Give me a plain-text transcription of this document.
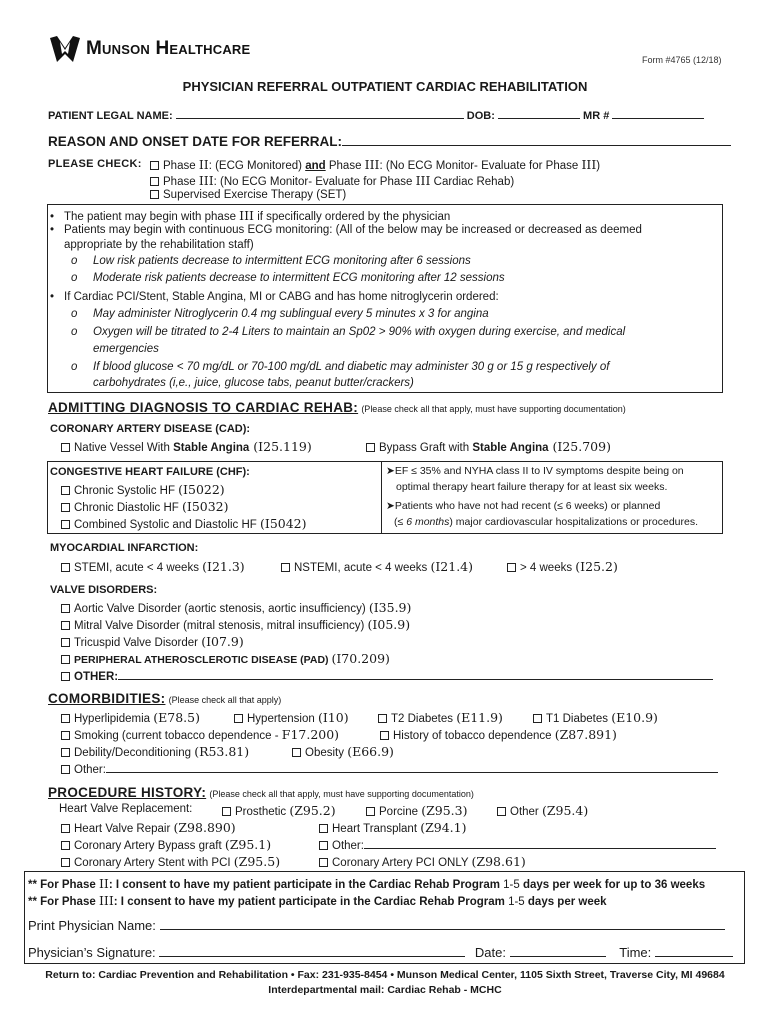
Munson Healthcare
Form #4765 (12/18)
PHYSICIAN REFERRAL OUTPATIENT CARDIAC REHABILITATION
PATIENT LEGAL NAME:	DOB:	MR #
REASON AND ONSET DATE FOR REFERRAL:
PLEASE CHECK:	Phase II: (ECG Monitored) and Phase III: (No ECG Monitor- Evaluate for Phase III)
Phase III: (No ECG Monitor- Evaluate for Phase III Cardiac Rehab)
Supervised Exercise Therapy (SET)
• The patient may begin with phase III if specifically ordered by the physician
• Patients may begin with continuous ECG monitoring: (All of the below may be increased or decreased as deemed
appropriate by the rehabilitation staff)
o Low risk patients decrease to intermittent ECG monitoring after 6 sessions
o Moderate risk patients decrease to intermittent ECG monitoring after 12 sessions
• If Cardiac PCI/Stent, Stable Angina, MI or CABG and has home nitroglycerin ordered:
o May administer Nitroglycerin 0.4 mg sublingual every 5 minutes x 3 for angina
o Oxygen will be titrated to 2-4 Liters to maintain an Sp02 > 90% with oxygen during exercise, and medical
emergencies
o If blood glucose < 70 mg/dL or 70-100 mg/dL and diabetic may administer 30 g or 15 g respectively of
carbohydrates (i,e., juice, glucose tabs, peanut butter/crackers)
ADMITTING DIAGNOSIS TO CARDIAC REHAB: (Please check all that apply, must have supporting documentation)
CORONARY ARTERY DISEASE (CAD):
Native Vessel With Stable Angina (I25.119)	Bypass Graft with Stable Angina (I25.709)
CONGESTIVE HEART FAILURE (CHF):
Chronic Systolic HF (I5022)
Chronic Diastolic HF (I5032)
Combined Systolic and Diastolic HF (I5042)
➤EF ≤ 35% and NYHA class II to IV symptoms despite being on
optimal therapy heart failure therapy for at least six weeks.
➤Patients who have not had recent (≤ 6 weeks) or planned
(≤ 6 months) major cardiovascular hospitalizations or procedures.
MYOCARDIAL INFARCTION:
STEMI, acute < 4 weeks (I21.3)	NSTEMI, acute < 4 weeks (I21.4)	> 4 weeks (I25.2)
VALVE DISORDERS:
Aortic Valve Disorder (aortic stenosis, aortic insufficiency) (I35.9)
Mitral Valve Disorder (mitral stenosis, mitral insufficiency) (I05.9)
Tricuspid Valve Disorder (I07.9)
PERIPHERAL ATHEROSCLEROTIC DISEASE (PAD) (I70.209)
OTHER:
COMORBIDITIES: (Please check all that apply)
Hyperlipidemia (E78.5)	Hypertension (I10)	T2 Diabetes (E11.9)	T1 Diabetes (E10.9)
Smoking (current tobacco dependence - F17.200)	History of tobacco dependence (Z87.891)
Debility/Deconditioning (R53.81)	Obesity (E66.9)
Other:
PROCEDURE HISTORY: (Please check all that apply, must have supporting documentation)
Heart Valve Replacement:	Prosthetic (Z95.2)	Porcine (Z95.3)	Other (Z95.4)
Heart Valve Repair (Z98.890)	Heart Transplant (Z94.1)
Coronary Artery Bypass graft (Z95.1)	Other:
Coronary Artery Stent with PCI (Z95.5)	Coronary Artery PCI ONLY (Z98.61)
** For Phase II: I consent to have my patient participate in the Cardiac Rehab Program 1-5 days per week for up to 36 weeks
** For Phase III: I consent to have my patient participate in the Cardiac Rehab Program 1-5 days per week
Print Physician Name:
Physician’s Signature:	Date:	Time:
Return to: Cardiac Prevention and Rehabilitation • Fax: 231-935-8454 • Munson Medical Center, 1105 Sixth Street, Traverse City, MI 49684
Interdepartmental mail: Cardiac Rehab - MCHC
